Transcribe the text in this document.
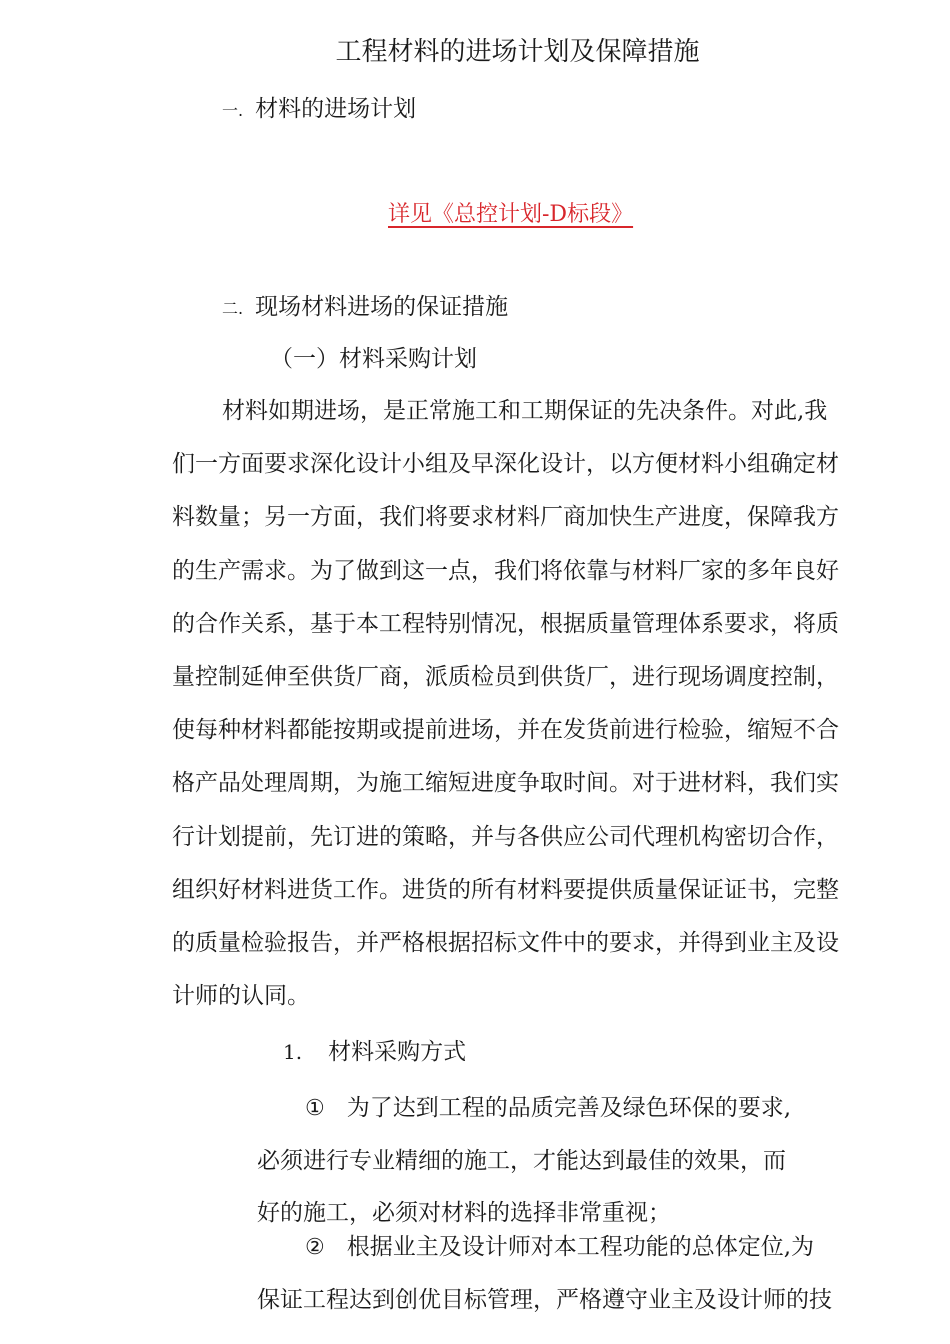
工程材料的进场计划及保障措施
一. 材料的进场计划
详见《总控计划-D标段》
二. 现场材料进场的保证措施
（一）材料采购计划
材料如期进场，是正常施工和工期保证的先决条件。对此,我
们一方面要求深化设计小组及早深化设计，以方便材料小组确定材
料数量；另一方面，我们将要求材料厂商加快生产进度，保障我方
的生产需求。为了做到这一点，我们将依靠与材料厂家的多年良好
的合作关系，基于本工程特别情况，根据质量管理体系要求，将质
量控制延伸至供货厂商，派质检员到供货厂，进行现场调度控制，
使每种材料都能按期或提前进场，并在发货前进行检验，缩短不合
格产品处理周期，为施工缩短进度争取时间。对于进材料，我们实
行计划提前，先订进的策略，并与各供应公司代理机构密切合作，
组织好材料进货工作。进货的所有材料要提供质量保证证书，完整
的质量检验报告，并严格根据招标文件中的要求，并得到业主及设
计师的认同。
1. 材料采购方式
① 为了达到工程的品质完善及绿色环保的要求,
必须进行专业精细的施工，才能达到最佳的效果，而
好的施工，必须对材料的选择非常重视；
② 根据业主及设计师对本工程功能的总体定位,为
保证工程达到创优目标管理，严格遵守业主及设计师的技
